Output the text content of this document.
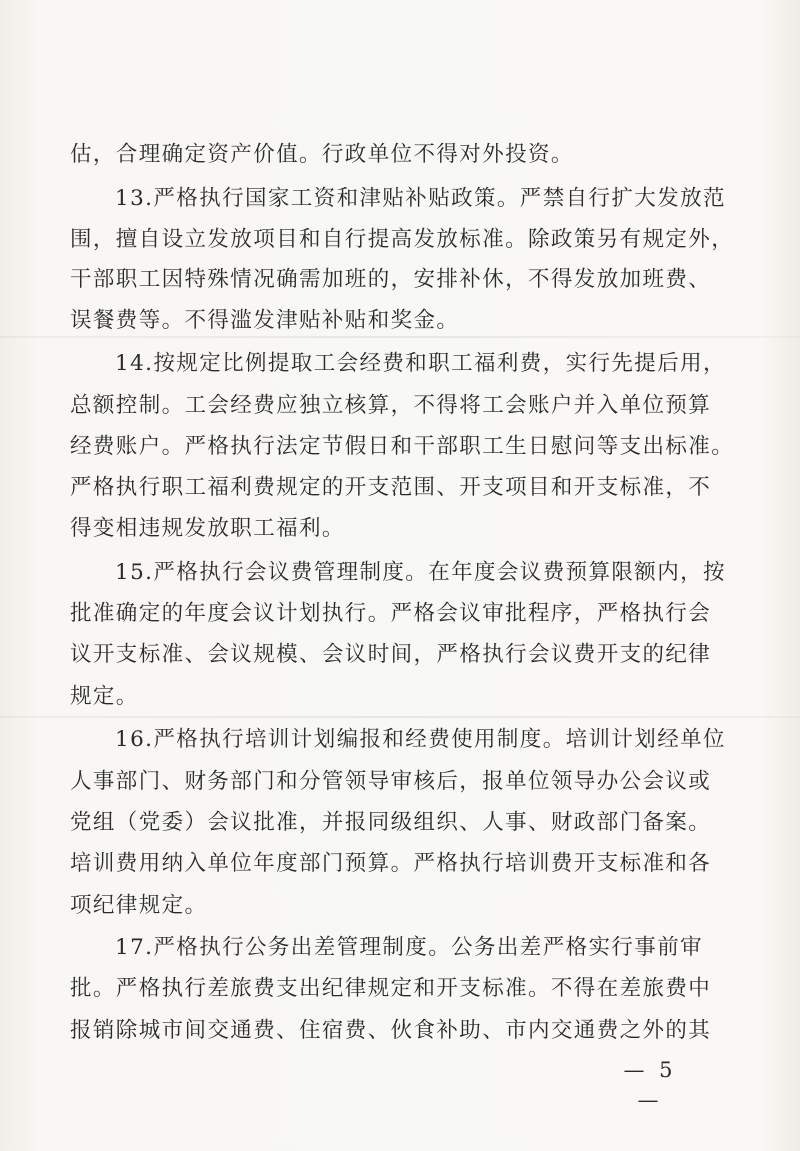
估，合理确定资产价值。行政单位不得对外投资。
13.严格执行国家工资和津贴补贴政策。严禁自行扩大发放范
围，擅自设立发放项目和自行提高发放标准。除政策另有规定外，
干部职工因特殊情况确需加班的，安排补休，不得发放加班费、
误餐费等。不得滥发津贴补贴和奖金。
14.按规定比例提取工会经费和职工福利费，实行先提后用，
总额控制。工会经费应独立核算，不得将工会账户并入单位预算
经费账户。严格执行法定节假日和干部职工生日慰问等支出标准。
严格执行职工福利费规定的开支范围、开支项目和开支标准，不
得变相违规发放职工福利。
15.严格执行会议费管理制度。在年度会议费预算限额内，按
批准确定的年度会议计划执行。严格会议审批程序，严格执行会
议开支标准、会议规模、会议时间，严格执行会议费开支的纪律
规定。
16.严格执行培训计划编报和经费使用制度。培训计划经单位
人事部门、财务部门和分管领导审核后，报单位领导办公会议或
党组（党委）会议批准，并报同级组织、人事、财政部门备案。
培训费用纳入单位年度部门预算。严格执行培训费开支标准和各
项纪律规定。
17.严格执行公务出差管理制度。公务出差严格实行事前审
批。严格执行差旅费支出纪律规定和开支标准。不得在差旅费中
报销除城市间交通费、住宿费、伙食补助、市内交通费之外的其
— 5 —
